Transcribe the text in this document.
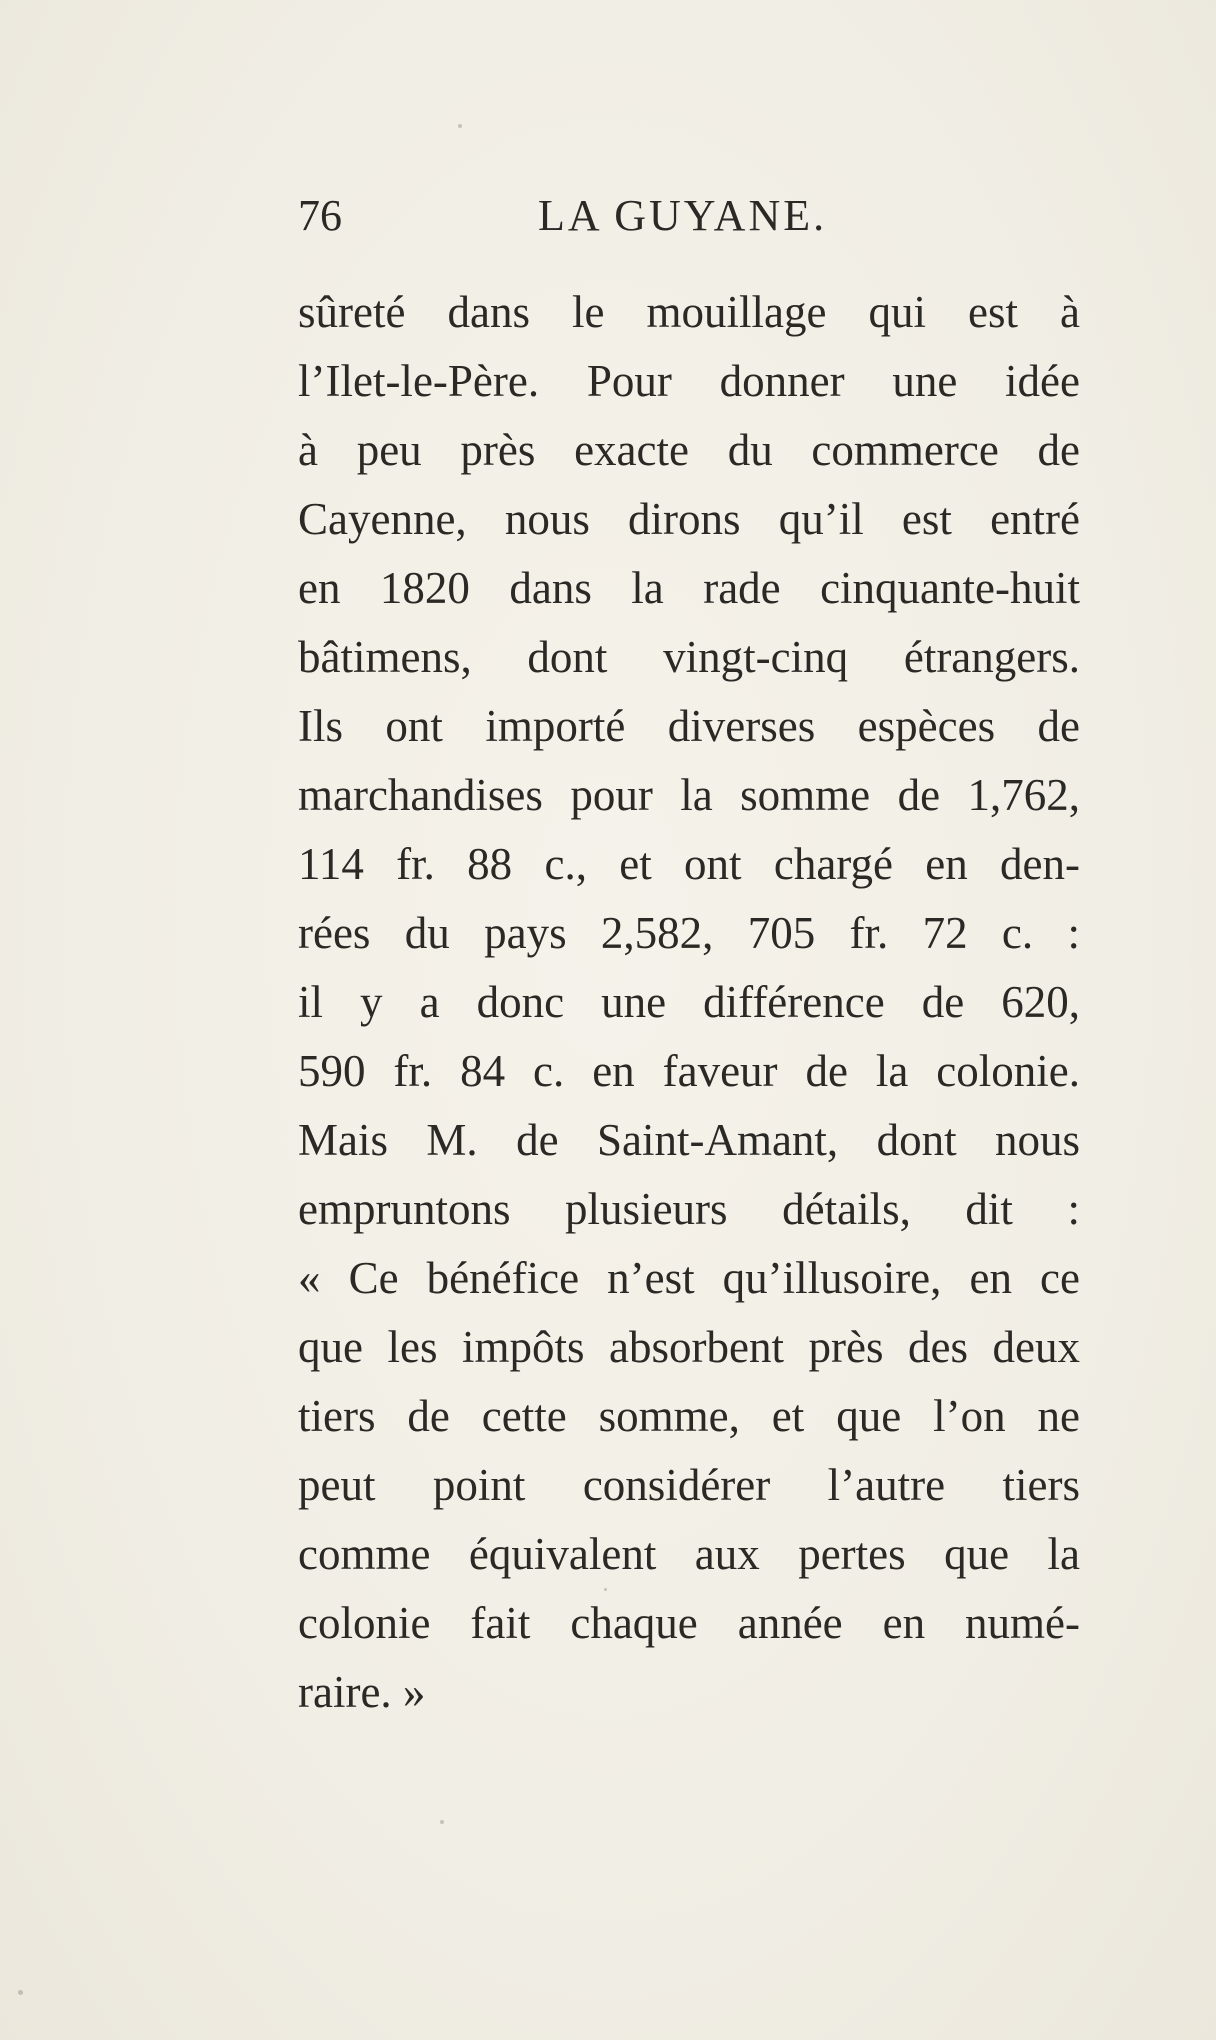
76	LA GUYANE.
sûreté dans le mouillage qui est à
l’Ilet-le-Père. Pour donner une idée
à peu près exacte du commerce de
Cayenne, nous dirons qu’il est entré
en 1820 dans la rade cinquante-huit
bâtimens, dont vingt-cinq étrangers.
Ils ont importé diverses espèces de
marchandises pour la somme de 1,762,
114 fr. 88 c., et ont chargé en den-
rées du pays 2,582, 705 fr. 72 c. :
il y a donc une différence de 620,
590 fr. 84 c. en faveur de la colonie.
Mais M. de Saint-Amant, dont nous
empruntons plusieurs détails, dit :
« Ce bénéfice n’est qu’illusoire, en ce
que les impôts absorbent près des deux
tiers de cette somme, et que l’on ne
peut point considérer l’autre tiers
comme équivalent aux pertes que la
colonie fait chaque année en numé-
raire. »
